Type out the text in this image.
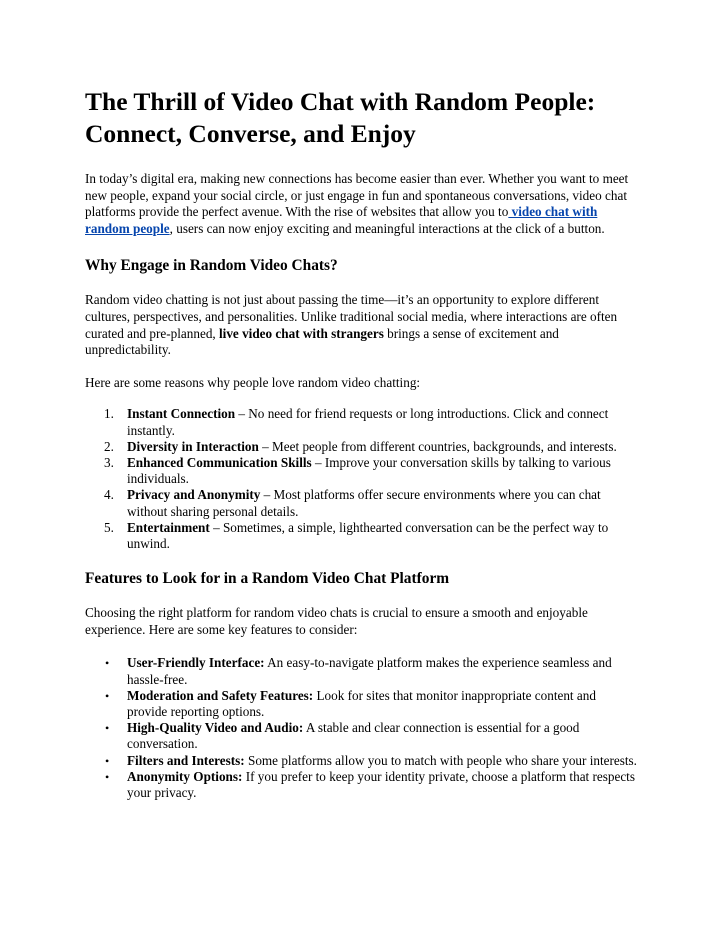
The Thrill of Video Chat with Random People: Connect, Converse, and Enjoy

In today’s digital era, making new connections has become easier than ever. Whether you want to meet new people, expand your social circle, or just engage in fun and spontaneous conversations, video chat platforms provide the perfect avenue. With the rise of websites that allow you to video chat with random people, users can now enjoy exciting and meaningful interactions at the click of a button.

Why Engage in Random Video Chats?

Random video chatting is not just about passing the time—it’s an opportunity to explore different cultures, perspectives, and personalities. Unlike traditional social media, where interactions are often curated and pre-planned, live video chat with strangers brings a sense of excitement and unpredictability.

Here are some reasons why people love random video chatting:

1. Instant Connection – No need for friend requests or long introductions. Click and connect instantly.
2. Diversity in Interaction – Meet people from different countries, backgrounds, and interests.
3. Enhanced Communication Skills – Improve your conversation skills by talking to various individuals.
4. Privacy and Anonymity – Most platforms offer secure environments where you can chat without sharing personal details.
5. Entertainment – Sometimes, a simple, lighthearted conversation can be the perfect way to unwind.
Features to Look for in a Random Video Chat Platform

Choosing the right platform for random video chats is crucial to ensure a smooth and enjoyable experience. Here are some key features to consider:

• User-Friendly Interface: An easy-to-navigate platform makes the experience seamless and hassle-free.
• Moderation and Safety Features: Look for sites that monitor inappropriate content and provide reporting options.
• High-Quality Video and Audio: A stable and clear connection is essential for a good conversation.
• Filters and Interests: Some platforms allow you to match with people who share your interests.
• Anonymity Options: If you prefer to keep your identity private, choose a platform that respects your privacy.
